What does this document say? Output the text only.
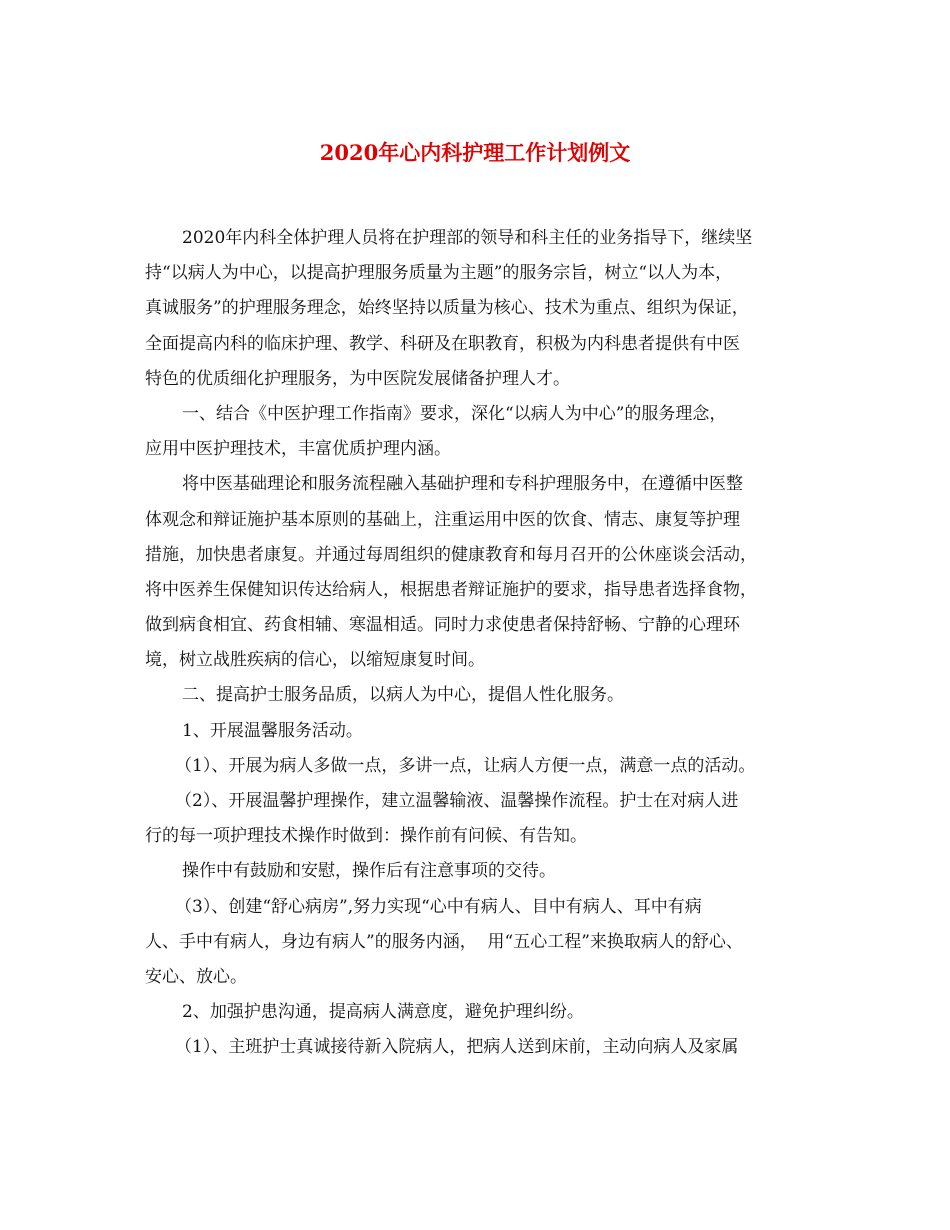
2020年心内科护理工作计划例文

2020年内科全体护理人员将在护理部的领导和科主任的业务指导下，继续坚
持“以病人为中心，以提高护理服务质量为主题”的服务宗旨，树立“以人为本，
真诚服务”的护理服务理念，始终坚持以质量为核心、技术为重点、组织为保证，
全面提高内科的临床护理、教学、科研及在职教育，积极为内科患者提供有中医
特色的优质细化护理服务，为中医院发展储备护理人才。

一、结合《中医护理工作指南》要求，深化“以病人为中心”的服务理念，
应用中医护理技术，丰富优质护理内涵。

将中医基础理论和服务流程融入基础护理和专科护理服务中，在遵循中医整
体观念和辩证施护基本原则的基础上，注重运用中医的饮食、情志、康复等护理
措施，加快患者康复。并通过每周组织的健康教育和每月召开的公休座谈会活动，
将中医养生保健知识传达给病人，根据患者辩证施护的要求，指导患者选择食物，
做到病食相宜、药食相辅、寒温相适。同时力求使患者保持舒畅、宁静的心理环
境，树立战胜疾病的信心，以缩短康复时间。

二、提高护士服务品质，以病人为中心，提倡人性化服务。

1、开展温馨服务活动。

（1）、开展为病人多做一点，多讲一点，让病人方便一点，满意一点的活动。

（2）、开展温馨护理操作，建立温馨输液、温馨操作流程。护士在对病人进
行的每一项护理技术操作时做到：操作前有问候、有告知。

操作中有鼓励和安慰，操作后有注意事项的交待。

（3）、创建“舒心病房”,努力实现“心中有病人、目中有病人、耳中有病
人、手中有病人，身边有病人”的服务内涵，  用“五心工程”来换取病人的舒心、
安心、放心。

2、加强护患沟通，提高病人满意度，避免护理纠纷。

（1）、主班护士真诚接待新入院病人，把病人送到床前，主动向病人及家属
